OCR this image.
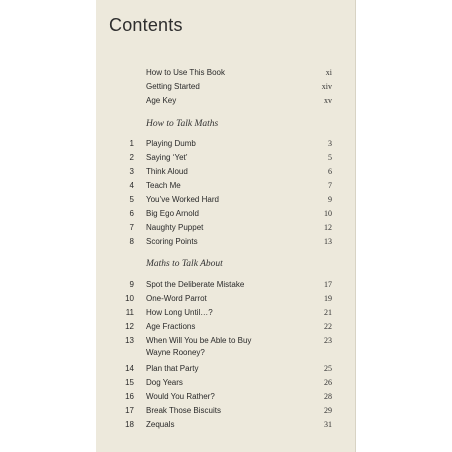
Contents
How to Use This Book	xi
Getting Started	xiv
Age Key	xv
How to Talk Maths
1 Playing Dumb	3
2 Saying ‘Yet’	5
3 Think Aloud	6
4 Teach Me	7
5 You’ve Worked Hard	9
6 Big Ego Arnold	10
7 Naughty Puppet	12
8 Scoring Points	13
Maths to Talk About
9 Spot the Deliberate Mistake	17
10 One-Word Parrot	19
11 How Long Until…?	21
12 Age Fractions	22
13 When Will You be Able to Buy	23
Wayne Rooney?
14 Plan that Party	25
15 Dog Years	26
16 Would You Rather?	28
17 Break Those Biscuits	29
18 Zequals	31
